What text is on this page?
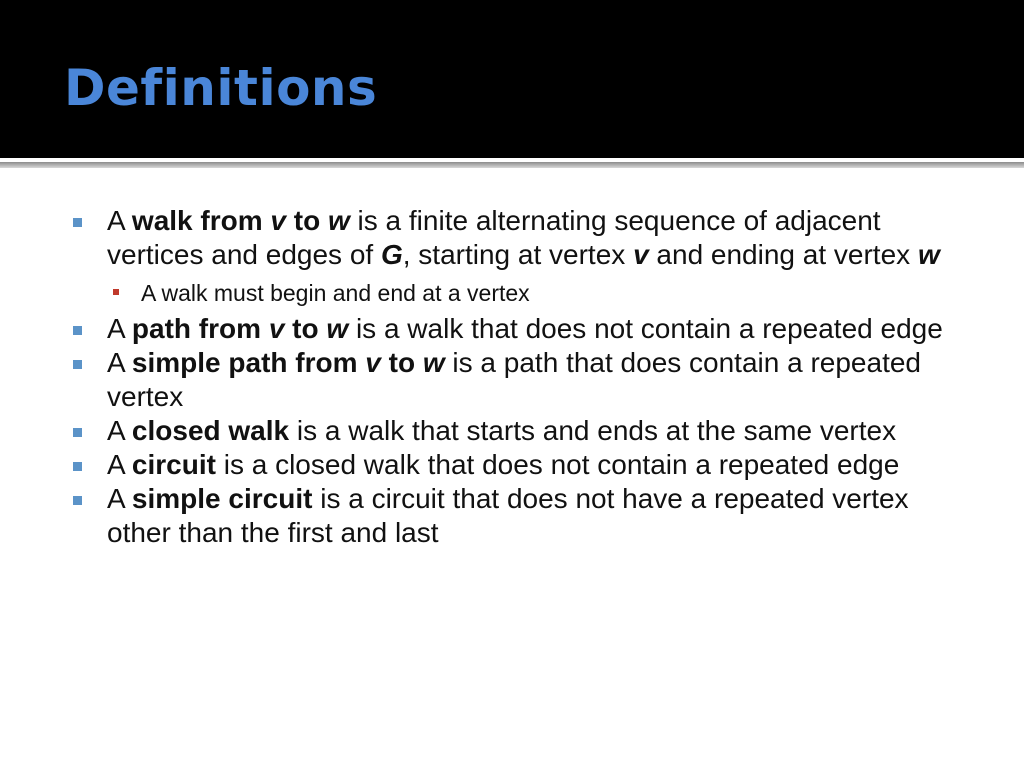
Definitions
A walk from v to w is a finite alternating sequence of adjacent vertices and edges of G, starting at vertex v and ending at vertex w
A walk must begin and end at a vertex
A path from v to w is a walk that does not contain a repeated edge
A simple path from v to w is a path that does contain a repeated vertex
A closed walk is a walk that starts and ends at the same vertex
A circuit is a closed walk that does not contain a repeated edge
A simple circuit is a circuit that does not have a repeated vertex other than the first and last
